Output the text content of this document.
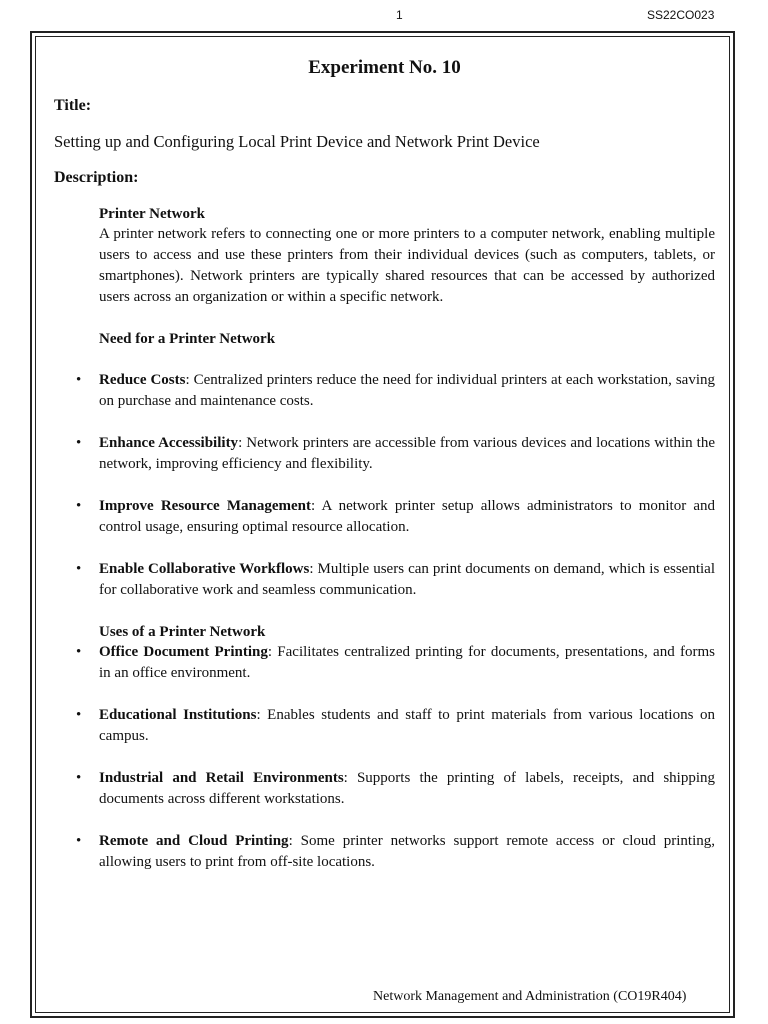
1	SS22CO023
Experiment No. 10

Title:

Setting up and Configuring Local Print Device and Network Print Device

Description:

Printer Network

A printer network refers to connecting one or more printers to a computer network, enabling multiple users to access and use these printers from their individual devices (such as computers, tablets, or smartphones). Network printers are typically shared resources that can be accessed by authorized users across an organization or within a specific network.

Need for a Printer Network

• Reduce Costs: Centralized printers reduce the need for individual printers at each workstation, saving on purchase and maintenance costs.
• Enhance Accessibility: Network printers are accessible from various devices and locations within the network, improving efficiency and flexibility.
• Improve Resource Management: A network printer setup allows administrators to monitor and control usage, ensuring optimal resource allocation.
• Enable Collaborative Workflows: Multiple users can print documents on demand, which is essential for collaborative work and seamless communication.

Uses of a Printer Network

• Office Document Printing: Facilitates centralized printing for documents, presentations, and forms in an office environment.
• Educational Institutions: Enables students and staff to print materials from various locations on campus.
• Industrial and Retail Environments: Supports the printing of labels, receipts, and shipping documents across different workstations.
• Remote and Cloud Printing: Some printer networks support remote access or cloud printing, allowing users to print from off-site locations.
Network Management and Administration (CO19R404)
